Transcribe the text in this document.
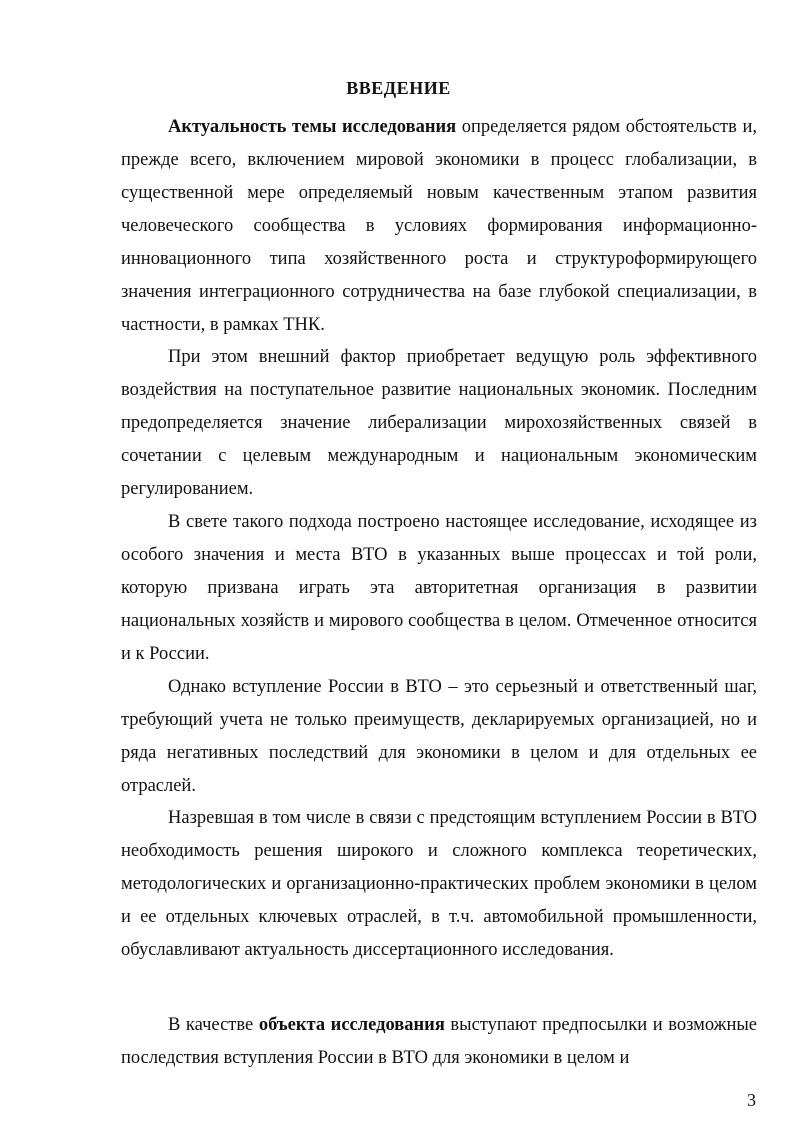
ВВЕДЕНИЕ

Актуальность темы исследования определяется рядом обстоятельств и, прежде всего, включением мировой экономики в процесс глобализации, в существенной мере определяемый новым качественным этапом развития человеческого сообщества в условиях формирования информационно-инновационного типа хозяйственного роста и структуроформирующего значения интеграционного сотрудничества на базе глубокой специализации, в частности, в рамках ТНК.

При этом внешний фактор приобретает ведущую роль эффективного воздействия на поступательное развитие национальных экономик. Последним предопределяется значение либерализации мирохозяйственных связей в сочетании с целевым международным и национальным экономическим регулированием.

В свете такого подхода построено настоящее исследование, исходящее из особого значения и места ВТО в указанных выше процессах и той роли, которую призвана играть эта авторитетная организация в развитии национальных хозяйств и мирового сообщества в целом. Отмеченное относится и к России.

Однако вступление России в ВТО – это серьезный и ответственный шаг, требующий учета не только преимуществ, декларируемых организацией, но и ряда негативных последствий для экономики в целом и для отдельных ее отраслей.

Назревшая в том числе в связи с предстоящим вступлением России в ВТО необходимость решения широкого и сложного комплекса теоретических, методологических и организационно-практических проблем экономики в целом и ее отдельных ключевых отраслей, в т.ч. автомобильной промышленности, обуславливают актуальность диссертационного исследования.

В качестве объекта исследования выступают предпосылки и возможные последствия вступления России в ВТО для экономики в целом и

3
